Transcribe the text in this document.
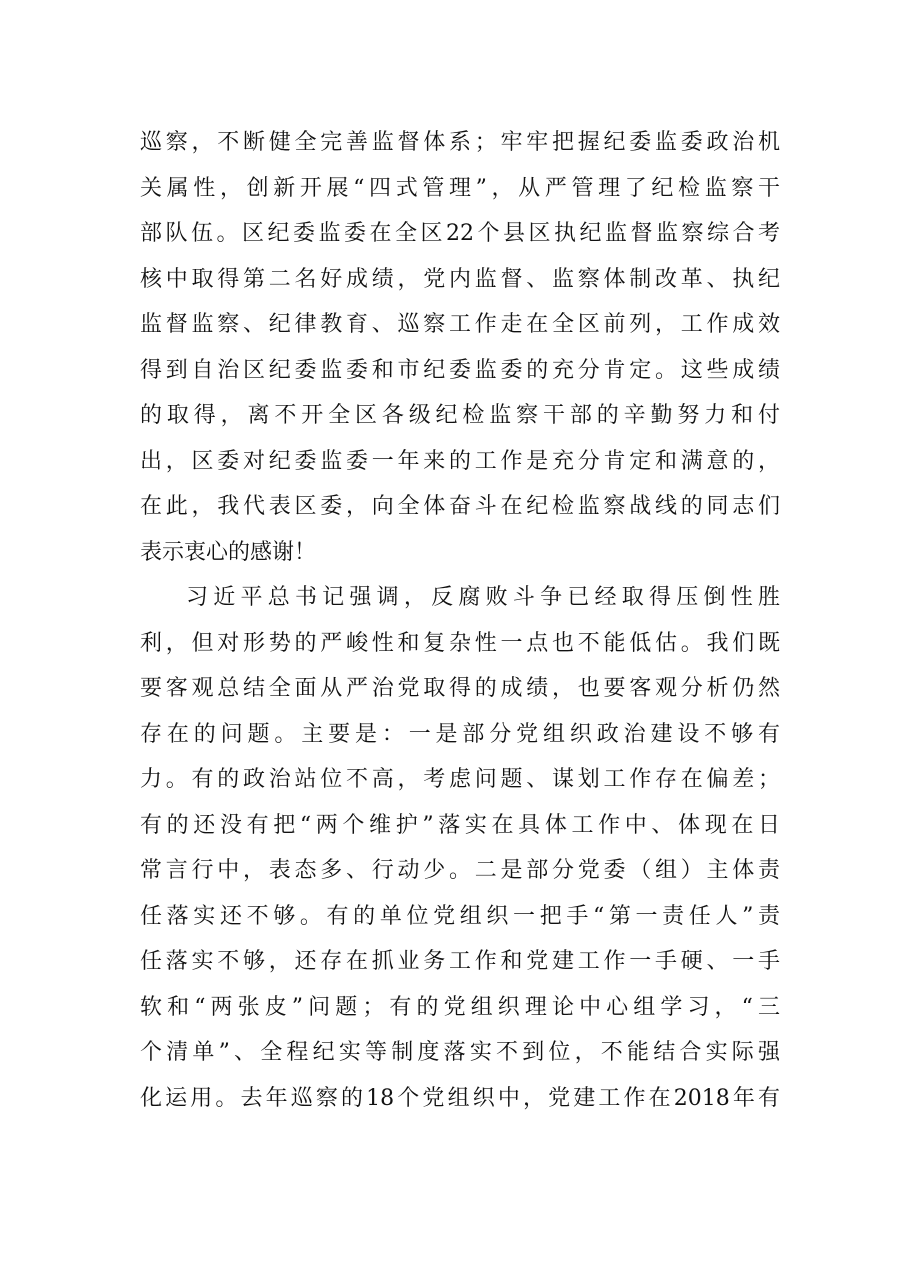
巡察，不断健全完善监督体系；牢牢把握纪委监委政治机
关属性，创新开展“四式管理”，从严管理了纪检监察干
部队伍。区纪委监委在全区22个县区执纪监督监察综合考
核中取得第二名好成绩，党内监督、监察体制改革、执纪
监督监察、纪律教育、巡察工作走在全区前列，工作成效
得到自治区纪委监委和市纪委监委的充分肯定。这些成绩
的取得，离不开全区各级纪检监察干部的辛勤努力和付
出，区委对纪委监委一年来的工作是充分肯定和满意的，
在此，我代表区委，向全体奋斗在纪检监察战线的同志们
表示衷心的感谢！
习近平总书记强调，反腐败斗争已经取得压倒性胜
利，但对形势的严峻性和复杂性一点也不能低估。我们既
要客观总结全面从严治党取得的成绩，也要客观分析仍然
存在的问题。主要是：一是部分党组织政治建设不够有
力。有的政治站位不高，考虑问题、谋划工作存在偏差；
有的还没有把“两个维护”落实在具体工作中、体现在日
常言行中，表态多、行动少。二是部分党委（组）主体责
任落实还不够。有的单位党组织一把手“第一责任人”责
任落实不够，还存在抓业务工作和党建工作一手硬、一手
软和“两张皮”问题；有的党组织理论中心组学习，“三
个清单”、全程纪实等制度落实不到位，不能结合实际强
化运用。去年巡察的18个党组织中，党建工作在2018年有
